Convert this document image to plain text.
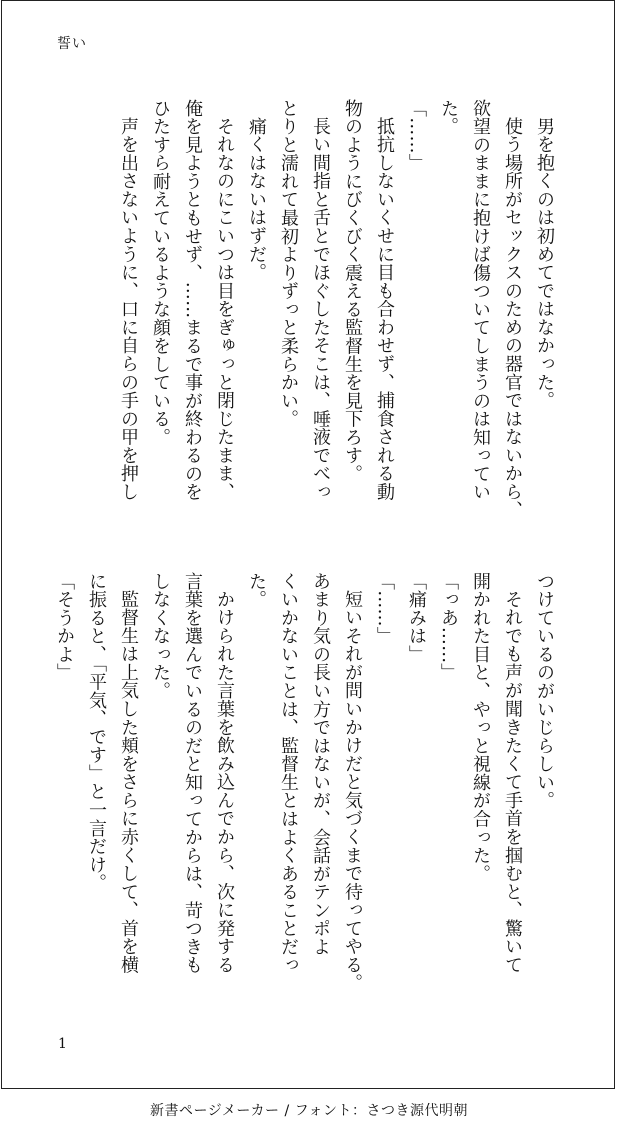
誓い
男を抱くのは初めてではなかった。
使う場所がセックスのための器官ではないから、
欲望のままに抱けば傷ついてしまうのは知ってい
た。
「……」
抵抗しないくせに目も合わせず、捕食される動
物のようにびくびく震える監督生を見下ろす。
長い間指と舌とでほぐしたそこは、唾液でべっ
とりと濡れて最初よりずっと柔らかい。
痛くはないはずだ。
それなのにこいつは目をぎゅっと閉じたまま、
俺を見ようともせず、……まるで事が終わるのを
ひたすら耐えているような顔をしている。
声を出さないように、口に自らの手の甲を押し
つけているのがいじらしい。
それでも声が聞きたくて手首を掴むと、驚いて
開かれた目と、やっと視線が合った。
「っあ……」
「痛みは」
「……」
短いそれが問いかけだと気づくまで待ってやる。
あまり気の長い方ではないが、会話がテンポよ
くいかないことは、監督生とはよくあることだっ
た。
かけられた言葉を飲み込んでから、次に発する
言葉を選んでいるのだと知ってからは、苛つきも
しなくなった。
監督生は上気した頬をさらに赤くして、首を横
に振ると、「平気、です」と一言だけ。
「そうかよ」
1
新書ページメーカー / フォント：さつき源代明朝
